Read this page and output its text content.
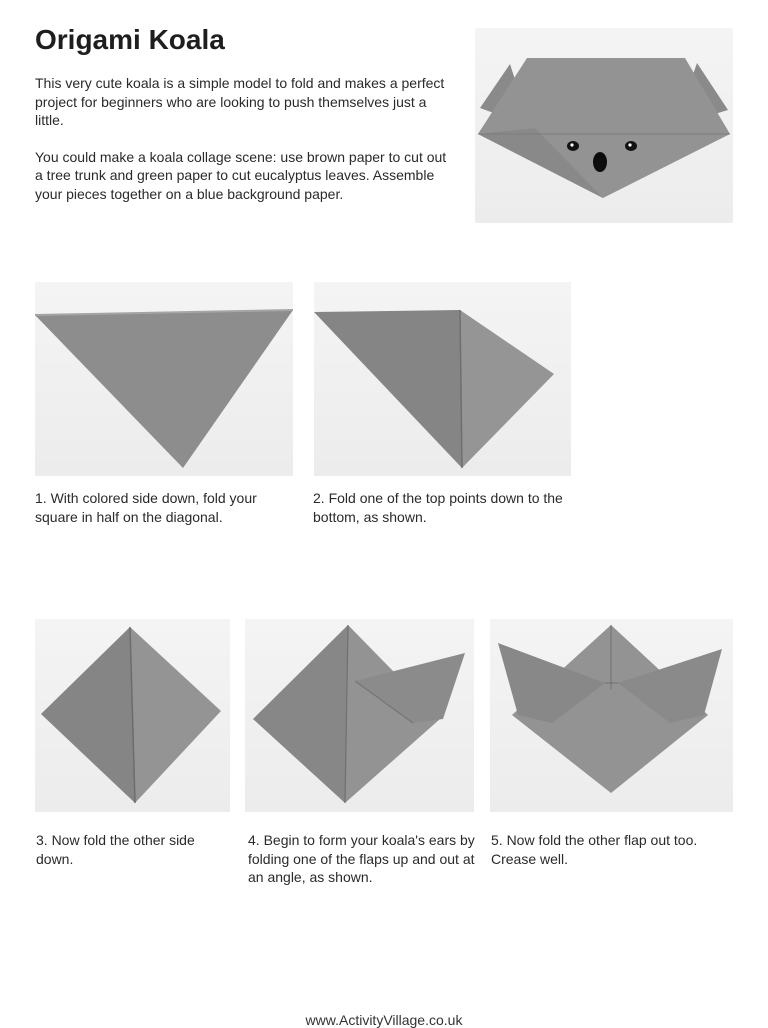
Origami Koala

This very cute koala is a simple model to fold and makes a perfect project for beginners who are looking to push themselves just a little.

You could make a koala collage scene: use brown paper to cut out a tree trunk and green paper to cut eucalyptus leaves. Assemble your pieces together on a blue background paper.

1. With colored side down, fold your square in half on the diagonal.
2. Fold one of the top points down to the bottom, as shown.
3. Now fold the other side down.
4. Begin to form your koala's ears by folding one of the flaps up and out at an angle, as shown.
5. Now fold the other flap out too. Crease well.
www.ActivityVillage.co.uk
